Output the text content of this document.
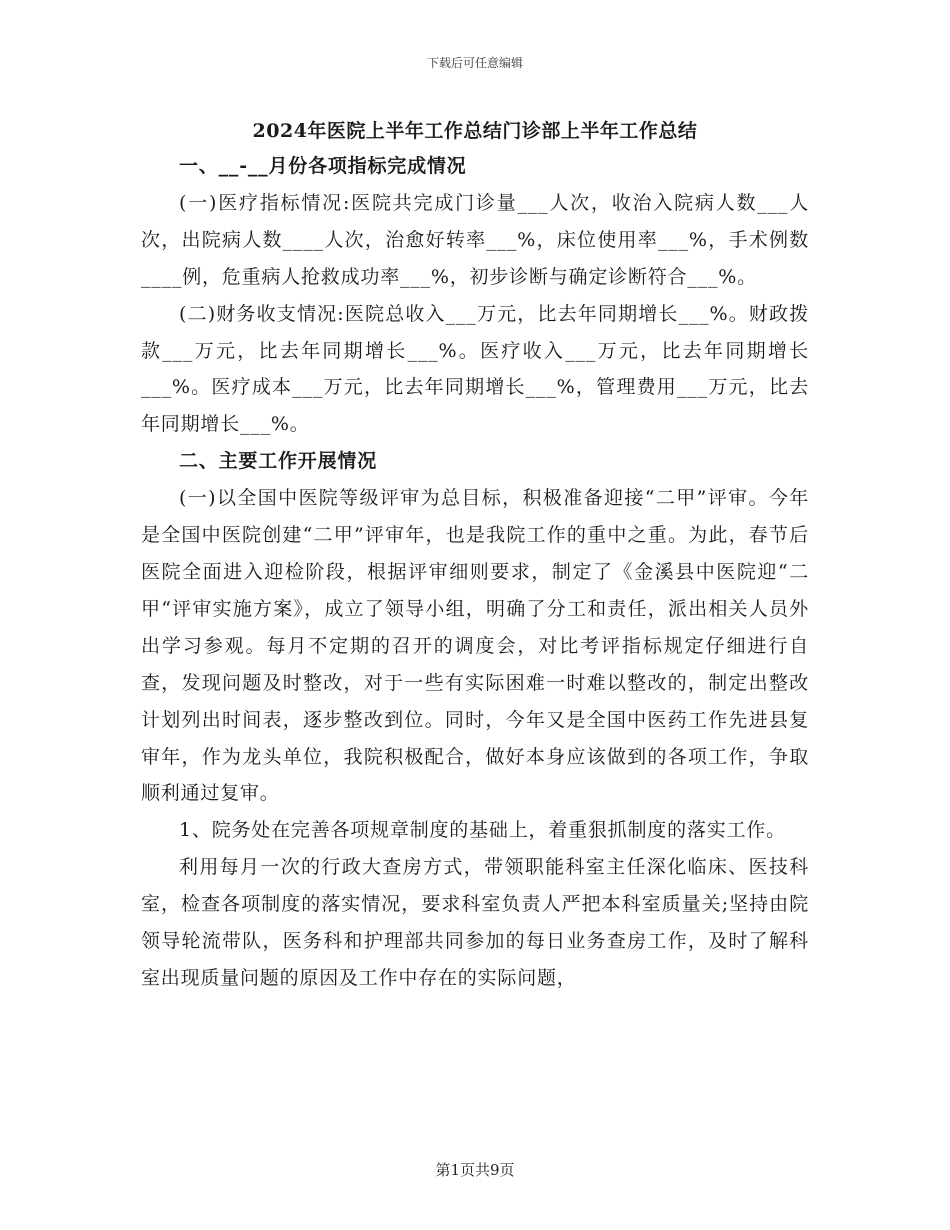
下载后可任意编辑
2024年医院上半年工作总结门诊部上半年工作总结

一、__-__月份各项指标完成情况

(一)医疗指标情况:医院共完成门诊量___人次，收治入院病人数___人次，出院病人数____人次，治愈好转率___%，床位使用率___%，手术例数____例，危重病人抢救成功率___%，初步诊断与确定诊断符合___%。

(二)财务收支情况:医院总收入___万元，比去年同期增长___%。财政拨款___万元，比去年同期增长___%。医疗收入___万元，比去年同期增长___%。医疗成本___万元，比去年同期增长___%，管理费用___万元，比去年同期增长___%。

二、主要工作开展情况

(一)以全国中医院等级评审为总目标，积极准备迎接“二甲”评审。今年是全国中医院创建“二甲”评审年，也是我院工作的重中之重。为此，春节后医院全面进入迎检阶段，根据评审细则要求，制定了《金溪县中医院迎“二甲“评审实施方案》，成立了领导小组，明确了分工和责任，派出相关人员外出学习参观。每月不定期的召开的调度会，对比考评指标规定仔细进行自查，发现问题及时整改，对于一些有实际困难一时难以整改的，制定出整改计划列出时间表，逐步整改到位。同时，今年又是全国中医药工作先进县复审年，作为龙头单位，我院积极配合，做好本身应该做到的各项工作，争取顺利通过复审。

1、院务处在完善各项规章制度的基础上，着重狠抓制度的落实工作。

利用每月一次的行政大查房方式，带领职能科室主任深化临床、医技科室，检查各项制度的落实情况，要求科室负责人严把本科室质量关;坚持由院领导轮流带队，医务科和护理部共同参加的每日业务查房工作，及时了解科室出现质量问题的原因及工作中存在的实际问题，

第1页共9页
